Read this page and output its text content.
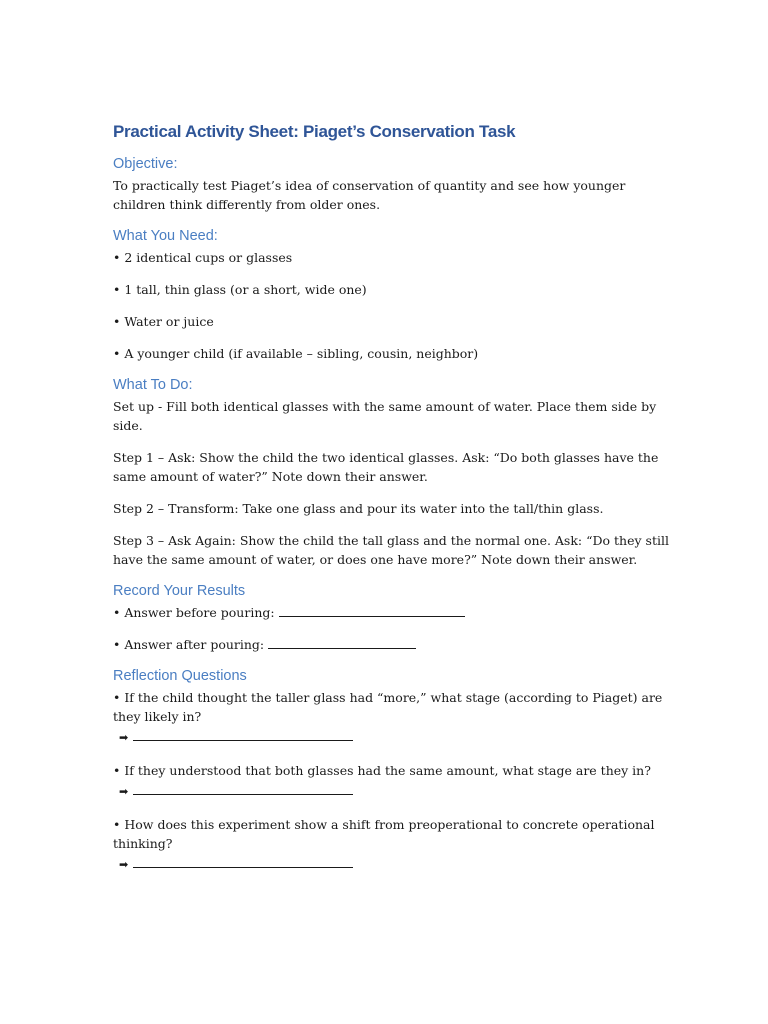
Practical Activity Sheet: Piaget’s Conservation Task
Objective:

To practically test Piaget’s idea of conservation of quantity and see how younger children think differently from older ones.

What You Need:

• 2 identical cups or glasses

• 1 tall, thin glass (or a short, wide one)

• Water or juice

• A younger child (if available – sibling, cousin, neighbor)

What To Do:

Set up - Fill both identical glasses with the same amount of water. Place them side by side.

Step 1 – Ask: Show the child the two identical glasses. Ask: “Do both glasses have the same amount of water?” Note down their answer.

Step 2 – Transform: Take one glass and pour its water into the tall/thin glass.

Step 3 – Ask Again: Show the child the tall glass and the normal one. Ask: “Do they still have the same amount of water, or does one have more?” Note down their answer.

Record Your Results

• Answer before pouring:

• Answer after pouring:

Reflection Questions

• If the child thought the taller glass had “more,” what stage (according to Piaget) are they likely in?

➡

• If they understood that both glasses had the same amount, what stage are they in?

➡

• How does this experiment show a shift from preoperational to concrete operational thinking?

➡
